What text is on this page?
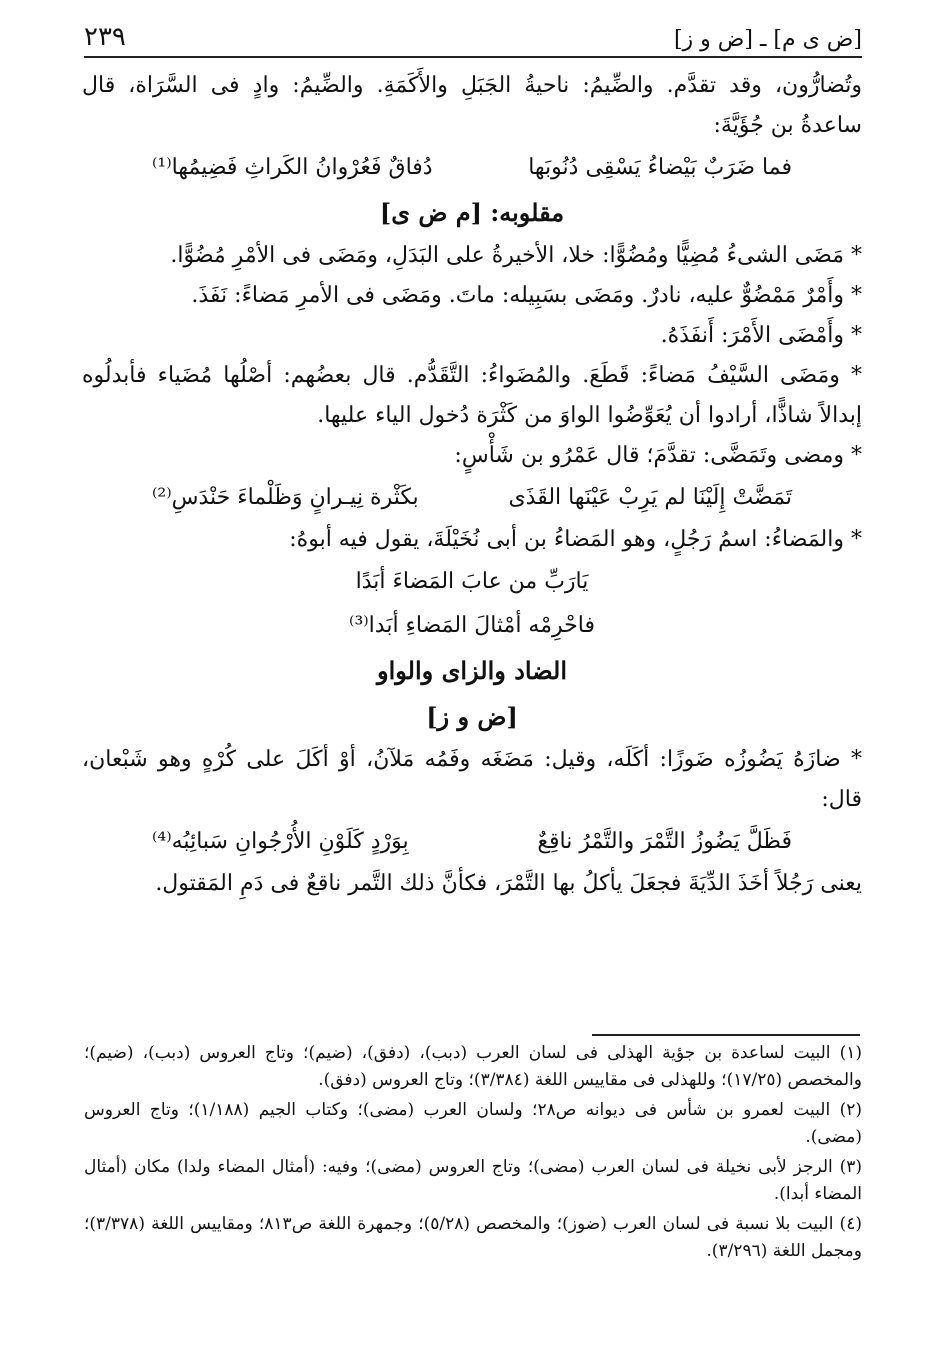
[ض ى م] ـ [ض و ز]
٢٣٩

وتُضارُّون، وقد تقدَّم. والضِّيمُ: ناحيةُ الجَبَلِ والأَكَمَةِ. والضِّيمُ: وادٍ فى السَّرَاة، قال ساعدةُ بن جُؤَيَّةَ:

فما ضَرَبٌ بَيْضاءُ يَسْقِى دُنُوبَها
دُفاقٌ فَعُرْوانُ الكَراثِ فَضِيمُها⁽¹⁾

مقلوبه: [م ض ى]

* مَضَى الشىءُ مُضِيًّا ومُضُوًّا: خلا، الأخيرةُ على البَدَلِ، ومَضَى فى الأمْرِ مُضُوًّا.

* وأَمْرٌ مَمْضُوٌّ عليه، نادرٌ. ومَضَى بسَبِيله: ماتَ. ومَضَى فى الأمرِ مَضاءً: نَفَذَ.

* وأَمْضَى الأَمْرَ: أَنفَذَهُ.

* ومَضَى السَّيْفُ مَضاءً: قَطَعَ. والمُضَواءُ: التَّقَدُّم. قال بعضُهم: أصْلُها مُضَياء فأبدلُوه إبدالاً شاذًّا، أرادوا أن يُعَوِّضُوا الواوَ من كَثْرَة دُخول الياء عليها.

* ومضى وتَمَضَّى: تقدَّمَ؛ قال عَمْرُو بن شَأْسٍ:

تَمَضَّتْ إِلَيْنَا لم يَرِبْ عَيْنَها القَذَى
بكَثْرة نِيـرانٍ وَظَلْماءَ حَنْدَسِ⁽²⁾

* والمَضاءُ: اسمُ رَجُلٍ، وهو المَضاءُ بن أبى نُخَيْلَةَ، يقول فيه أبوهُ:

يَارَبِّ من عابَ المَضاءَ أبَدًا

فاحْرِمْه أمْثالَ المَضاءِ أبَدا⁽³⁾

الضاد والزاى والواو

[ض و ز]

* ضازَهُ يَضُوزُه ضَوزًا: أكَلَه، وقيل: مَضَغَه وفَمُه مَلآنُ، أوْ أكَلَ على كُرْهٍ وهو شَبْعان، قال:

فَظَلَّ يَضُوزُ التَّمْرَ والتَّمْرُ ناقِعٌ
بِوَرْدٍ كَلَوْنِ الأُرْجُوانِ سَبائِبُه⁽⁴⁾

يعنى رَجُلاً أخَذَ الدِّيَةَ فجعَلَ يأكلُ بها التَّمْرَ، فكأنَّ ذلك التَّمر ناقعٌ فى دَمِ المَقتول.

(١) البيت لساعدة بن جؤية الهذلى فى لسان العرب (دبب)، (دفق)، (ضيم)؛ وتاج العروس (دبب)، (ضيم)؛ والمخصص (١٧/٢٥)؛ وللهذلى فى مقاييس اللغة (٣/٣٨٤)؛ وتاج العروس (دفق).

(٢) البيت لعمرو بن شأس فى ديوانه ص٢٨؛ ولسان العرب (مضى)؛ وكتاب الجيم (١/١٨٨)؛ وتاج العروس (مضى).

(٣) الرجز لأبى نخيلة فى لسان العرب (مضى)؛ وتاج العروس (مضى)؛ وفيه: (أمثال المضاء ولدا) مكان (أمثال المضاء أبدا).

(٤) البيت بلا نسبة فى لسان العرب (ضوز)؛ والمخصص (٥/٢٨)؛ وجمهرة اللغة ص٨١٣؛ ومقاييس اللغة (٣/٣٧٨)؛ ومجمل اللغة (٣/٢٩٦).
